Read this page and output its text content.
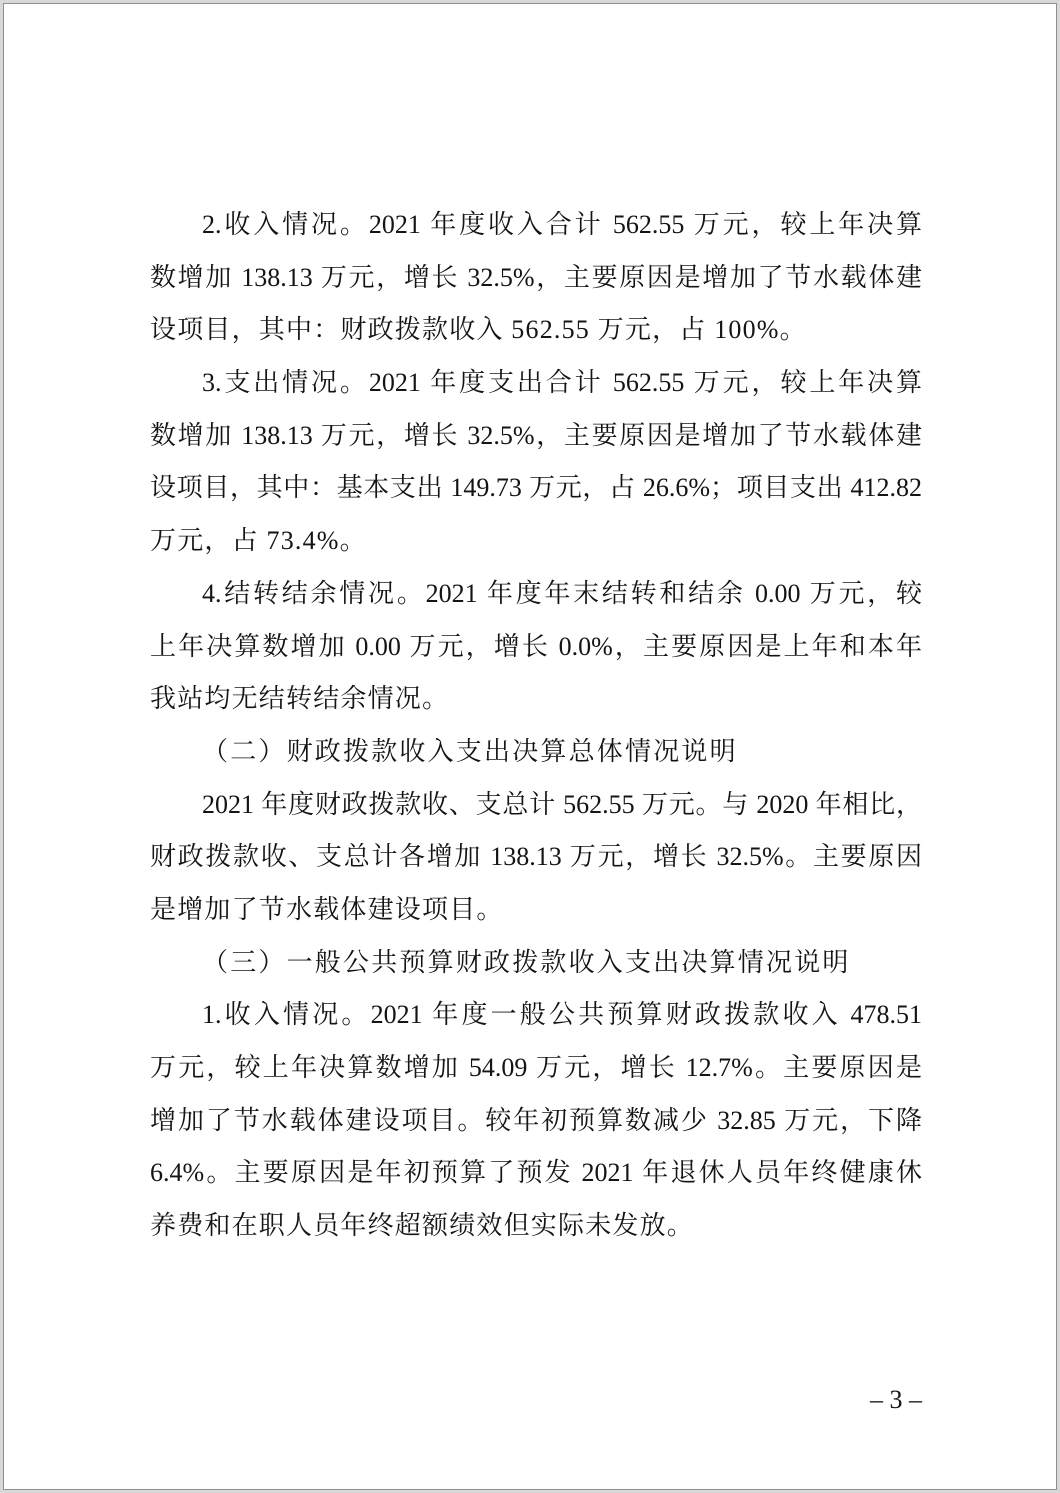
2.收入情况。2021 年度收入合计 562.55 万元，较上年决算
数增加 138.13 万元，增长 32.5%，主要原因是增加了节水载体建
设项目，其中：财政拨款收入 562.55 万元，占 100%。
3.支出情况。2021 年度支出合计 562.55 万元，较上年决算
数增加 138.13 万元，增长 32.5%，主要原因是增加了节水载体建
设项目，其中：基本支出 149.73 万元，占 26.6%；项目支出 412.82
万元，占 73.4%。
4.结转结余情况。2021 年度年末结转和结余 0.00 万元，较
上年决算数增加 0.00 万元，增长 0.0%，主要原因是上年和本年
我站均无结转结余情况。
（二）财政拨款收入支出决算总体情况说明
2021 年度财政拨款收、支总计 562.55 万元。与 2020 年相比，
财政拨款收、支总计各增加 138.13 万元，增长 32.5%。主要原因
是增加了节水载体建设项目。
（三）一般公共预算财政拨款收入支出决算情况说明
1.收入情况。2021 年度一般公共预算财政拨款收入 478.51
万元，较上年决算数增加 54.09 万元，增长 12.7%。主要原因是
增加了节水载体建设项目。较年初预算数减少 32.85 万元，下降
6.4%。主要原因是年初预算了预发 2021 年退休人员年终健康休
养费和在职人员年终超额绩效但实际未发放。
– 3 –
